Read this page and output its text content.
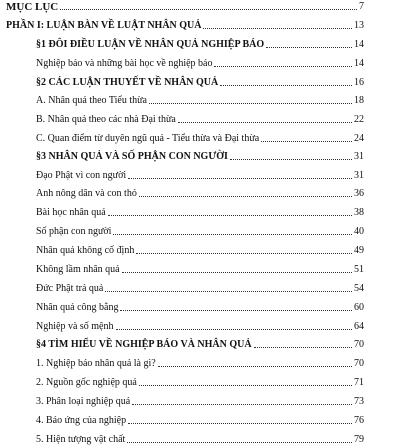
MỤC LỤC	7
PHẦN I: LUẬN BÀN VỀ LUẬT NHÂN QUẢ	13
§1 ĐÔI ĐIỀU LUẬN VỀ NHÂN QUẢ NGHIỆP BÁO	14
Nghiệp báo và những bài học về nghiệp báo	14
§2 CÁC LUẬN THUYẾT VỀ NHÂN QUẢ	16
A. Nhân quả theo Tiểu thừa	18
B. Nhân quả theo các nhà Đại thừa	22
C. Quan điểm từ duyên ngũ quả - Tiểu thừa và Đại thừa	24
§3 NHÂN QUẢ VÀ SỐ PHẬN CON NGƯỜI	31
Đạo Phật vì con người	31
Anh nông dân và con thỏ	36
Bài học nhân quả	38
Số phận con người	40
Nhân quả không cố định	49
Không lầm nhân quả	51
Đức Phật trả quả	54
Nhân quả công bằng	60
Nghiệp và số mệnh	64
§4 TÌM HIỂU VỀ NGHIỆP BÁO VÀ NHÂN QUẢ	70
1. Nghiệp báo nhân quả là gì?	70
2. Nguồn gốc nghiệp quả	71
3. Phân loại nghiệp quả	73
4. Báo ứng của nghiệp	76
5. Hiện tượng vật chất	79
